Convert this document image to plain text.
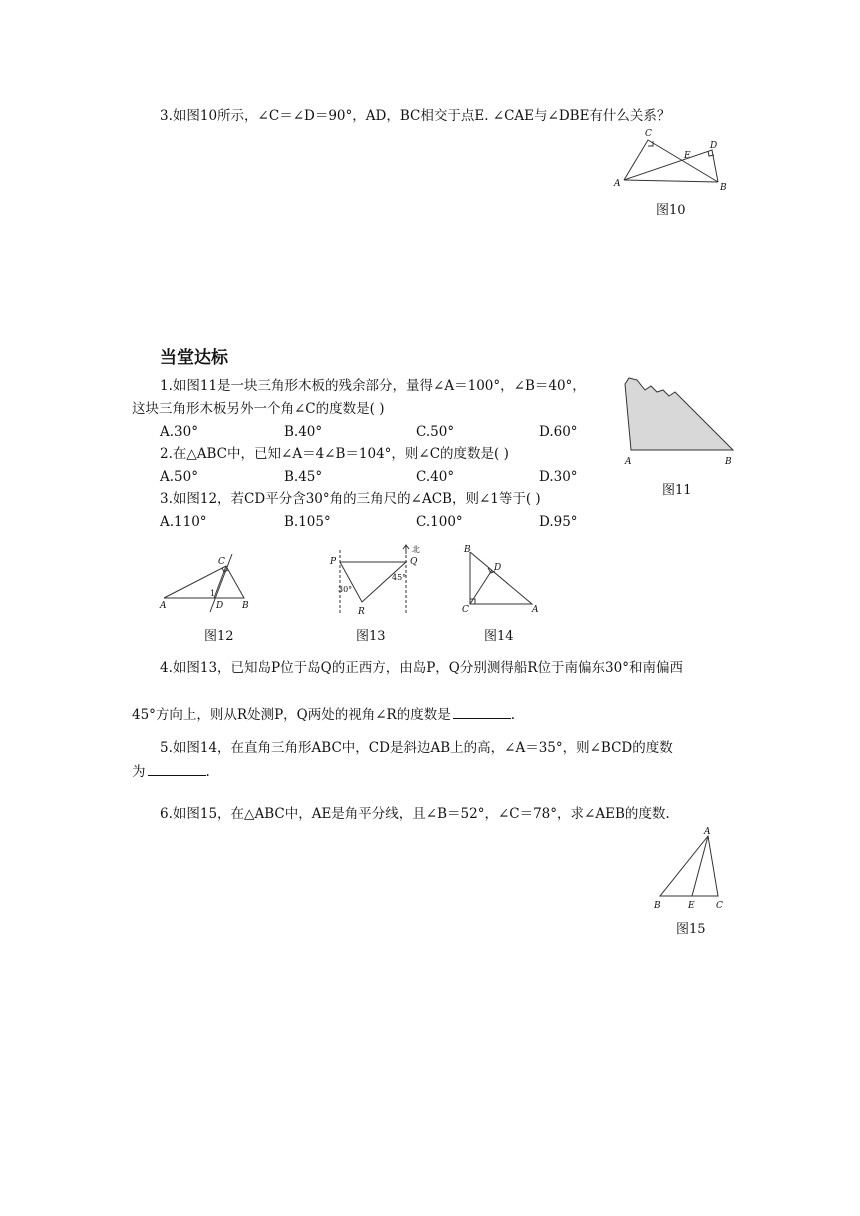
3.如图10所示，∠C＝∠D＝90°，AD，BC相交于点E. ∠CAE与∠DBE有什么关系？
C
E
D
A	B
图10
当堂达标
1.如图11是一块三角形木板的残余部分，量得∠A＝100°，∠B＝40°，
这块三角形木板另外一个角∠C的度数是( )
A.30°	B.40°	C.50°	D.60°
2.在△ABC中，已知∠A＝4∠B＝104°，则∠C的度数是( )
A.50°	B.45°	C.40°	D.30°
3.如图12，若CD平分含30°角的三角尺的∠ACB，则∠1等于( )
A.110°	B.105°	C.100°	D.95°
A	B
图11
C
A
1
D B
图12
北
P	Q
30°
45°
R
图13
B
D
C	A
图14
4.如图13，已知岛P位于岛Q的正西方，由岛P，Q分别测得船R位于南偏东30°和南偏西
45°方向上，则从R处测P，Q两处的视角∠R的度数是	.
5.如图14，在直角三角形ABC中，CD是斜边AB上的高，∠A＝35°，则∠BCD的度数
为	.
6.如图15，在△ABC中，AE是角平分线，且∠B＝52°，∠C＝78°，求∠AEB的度数.
A
B	E C
图15
